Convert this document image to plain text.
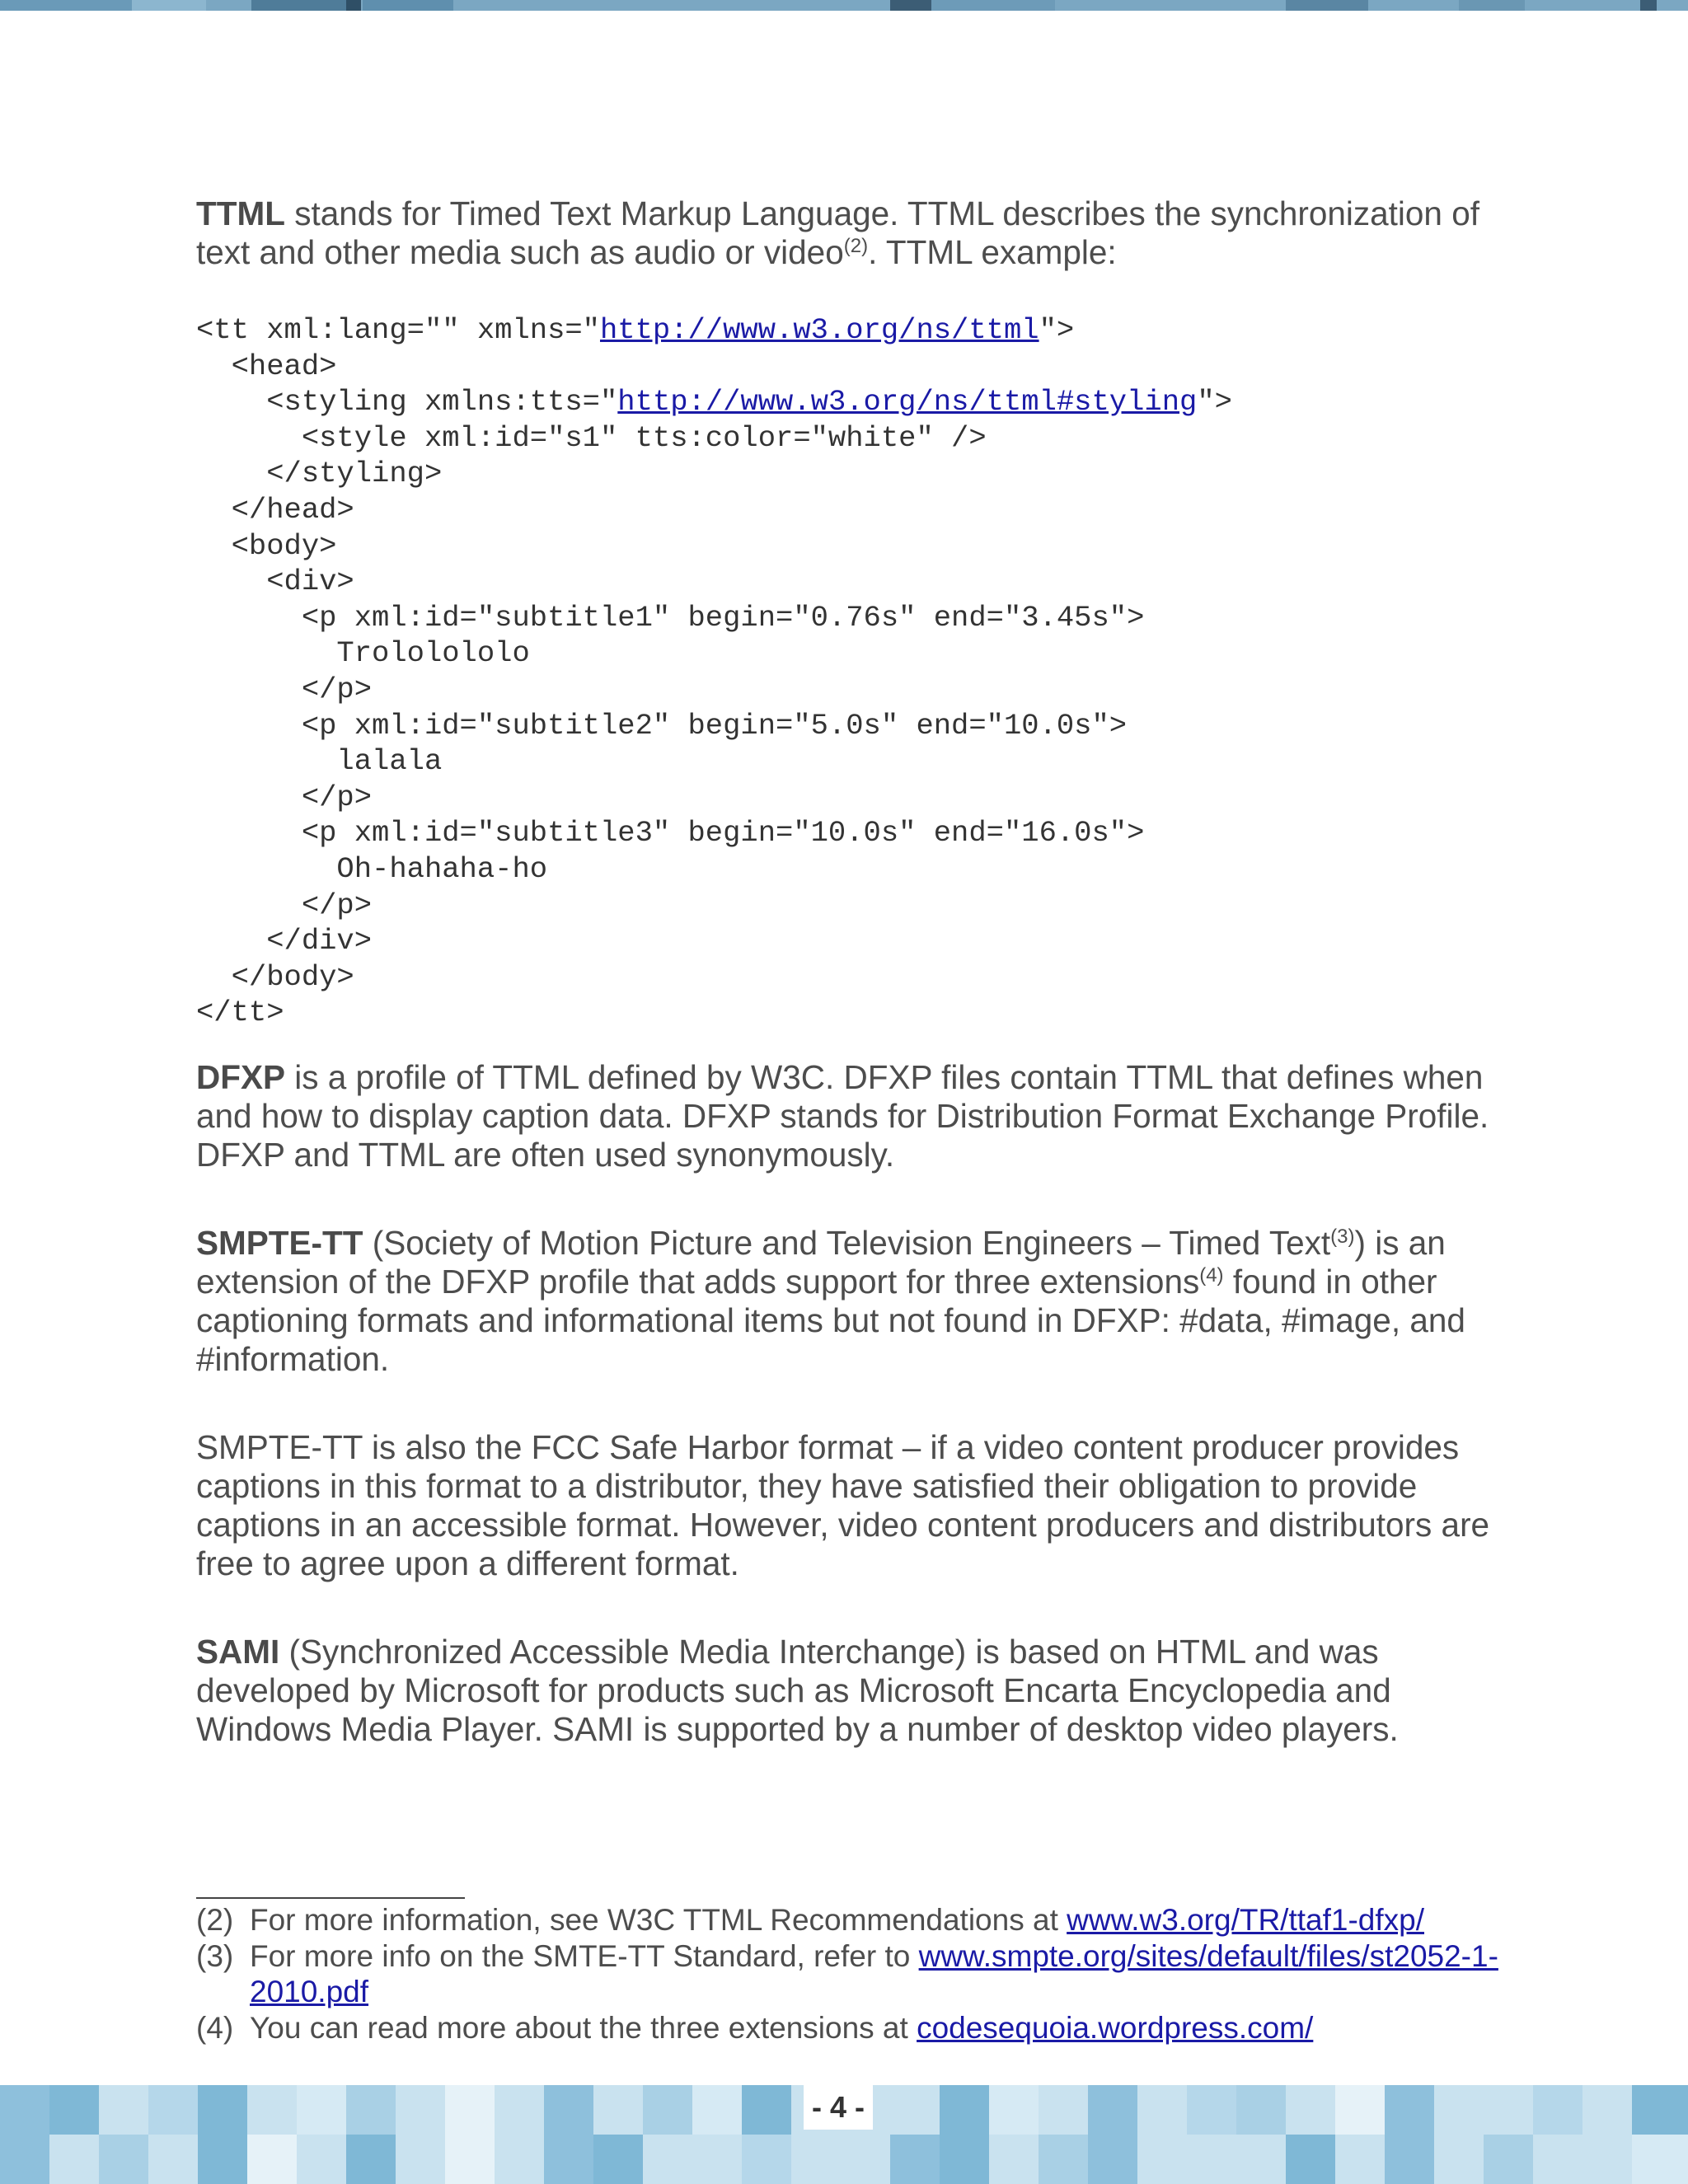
TTML stands for Timed Text Markup Language. TTML describes the synchronization of text and other media such as audio or video$^{(2)}$. TTML example:

<tt xml:lang="" xmlns="http://www.w3.org/ns/ttml">
<head>
<styling xmlns:tts="http://www.w3.org/ns/ttml#styling">
<style xml:id="s1" tts:color="white" />
</styling>
</head>
<body>
<div>
<p xml:id="subtitle1" begin="0.76s" end="3.45s">
Trololololo
</p>
<p xml:id="subtitle2" begin="5.0s" end="10.0s">
lalala
</p>
<p xml:id="subtitle3" begin="10.0s" end="16.0s">
Oh-hahaha-ho
</p>
</div>
</body>
</tt>

DFXP is a profile of TTML defined by W3C. DFXP files contain TTML that defines when and how to display caption data. DFXP stands for Distribution Format Exchange Profile. DFXP and TTML are often used synonymously.

SMPTE-TT (Society of Motion Picture and Television Engineers – Timed Text$^{(3)}$) is an extension of the DFXP profile that adds support for three extensions$^{(4)}$ found in other captioning formats and informational items but not found in DFXP: #data, #image, and #information.

SMPTE-TT is also the FCC Safe Harbor format – if a video content producer provides captions in this format to a distributor, they have satisfied their obligation to provide captions in an accessible format. However, video content producers and distributors are free to agree upon a different format.

SAMI (Synchronized Accessible Media Interchange) is based on HTML and was developed by Microsoft for products such as Microsoft Encarta Encyclopedia and Windows Media Player. SAMI is supported by a number of desktop video players.

(2) For more information, see W3C TTML Recommendations at www.w3.org/TR/ttaf1-dfxp/
(3) For more info on the SMTE-TT Standard, refer to www.smpte.org/sites/default/files/st2052-1-2010.pdf
(4) You can read more about the three extensions at codesequoia.wordpress.com/
- 4 -
